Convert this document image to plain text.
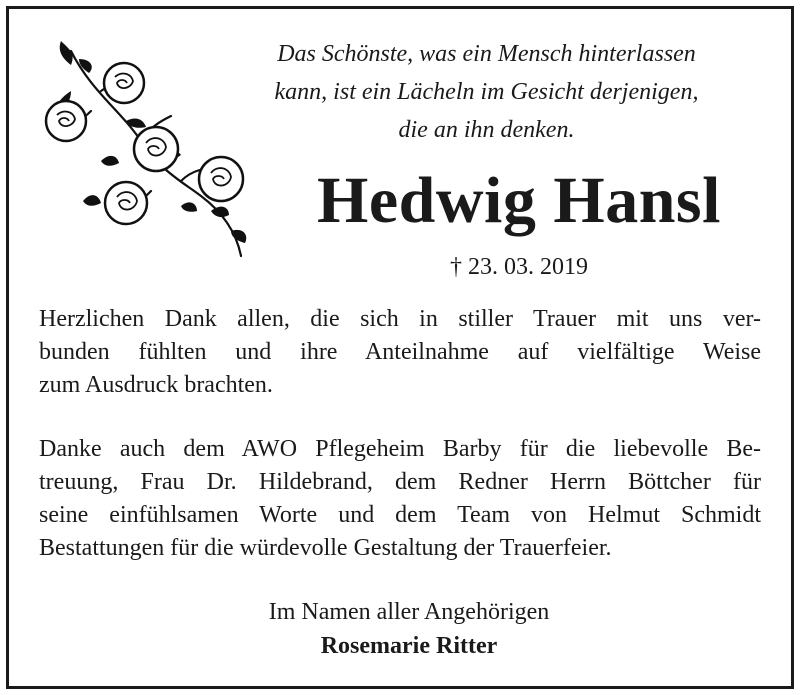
Das Schönste, was ein Mensch hinterlassen
kann, ist ein Lächeln im Gesicht derjenigen,
die an ihn denken.
Hedwig Hansl
† 23. 03. 2019
Herzlichen Dank allen, die sich in stiller Trauer mit uns ver-
bunden fühlten und ihre Anteilnahme auf vielfältige Weise
zum Ausdruck brachten.
Danke auch dem AWO Pflegeheim Barby für die liebevolle Be-
treuung, Frau Dr. Hildebrand, dem Redner Herrn Böttcher für
seine einfühlsamen Worte und dem Team von Helmut Schmidt
Bestattungen für die würdevolle Gestaltung der Trauerfeier.
Im Namen aller Angehörigen
Rosemarie Ritter
